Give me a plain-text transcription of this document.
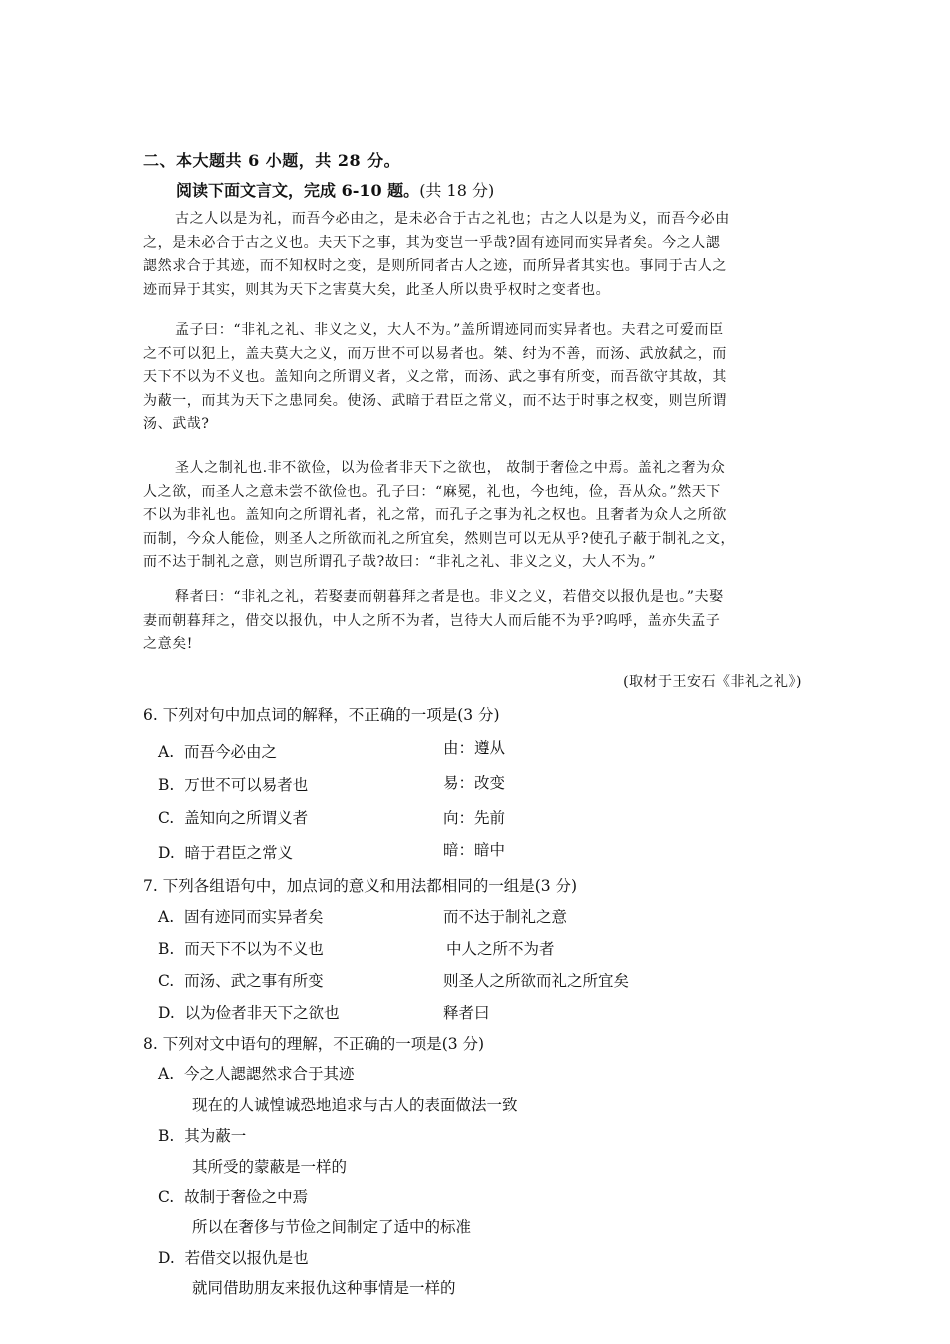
二、本大题共 6 小题，共 28 分。
阅读下面文言文，完成 6-10 题。(共 18 分)
古之人以是为礼，而吾今必由之，是未必合于古之礼也；古之人以是为义，而吾今必由
之，是未必合于古之义也。夫天下之事，其为变岂一乎哉?固有迹同而实异者矣。今之人諰
諰然求合于其迹，而不知权时之变，是则所同者古人之迹，而所异者其实也。事同于古人之
迹而异于其实，则其为天下之害莫大矣，此圣人所以贵乎权时之变者也。
孟子曰：“非礼之礼、非义之义，大人不为。”盖所谓迹同而实异者也。夫君之可爱而臣
之不可以犯上，盖夫莫大之义，而万世不可以易者也。桀、纣为不善，而汤、武放弑之，而
天下不以为不义也。盖知向之所谓义者，义之常，而汤、武之事有所变，而吾欲守其故，其
为蔽一，而其为天下之患同矣。使汤、武暗于君臣之常义，而不达于时事之权变，则岂所谓
汤、武哉?
圣人之制礼也.非不欲俭，以为俭者非天下之欲也， 故制于奢俭之中焉。盖礼之奢为众
人之欲，而圣人之意未尝不欲俭也。孔子曰：“麻冕，礼也，今也纯，俭，吾从众。”然天下
不以为非礼也。盖知向之所谓礼者，礼之常，而孔子之事为礼之权也。且奢者为众人之所欲
而制，今众人能俭，则圣人之所欲而礼之所宜矣，然则岂可以无从乎?使孔子蔽于制礼之文，
而不达于制礼之意，则岂所谓孔子哉?故曰：“非礼之礼、非义之义，大人不为。”
释者曰：“非礼之礼，若娶妻而朝暮拜之者是也。非义之义，若借交以报仇是也。”夫娶
妻而朝暮拜之，借交以报仇，中人之所不为者，岂待大人而后能不为乎?呜呼，盖亦失孟子
之意矣!
(取材于王安石《非礼之礼》)
6. 下列对句中加点词的解释，不正确的一项是(3 分)
A. 而吾今必由之	由：遵从
B. 万世不可以易者也	易：改变
C. 盖知向之所谓义者	向：先前
D. 暗于君臣之常义	暗：暗中
7. 下列各组语句中，加点词的意义和用法都相同的一组是(3 分)
A. 固有迹同而实异者矣	而不达于制礼之意
B. 而天下不以为不义也	中人之所不为者
C. 而汤、武之事有所变	则圣人之所欲而礼之所宜矣
D. 以为俭者非天下之欲也	释者曰
8. 下列对文中语句的理解，不正确的一项是(3 分)
A. 今之人諰諰然求合于其迹
现在的人诚惶诚恐地追求与古人的表面做法一致
B. 其为蔽一
其所受的蒙蔽是一样的
C. 故制于奢俭之中焉
所以在奢侈与节俭之间制定了适中的标准
D. 若借交以报仇是也
就同借助朋友来报仇这种事情是一样的
